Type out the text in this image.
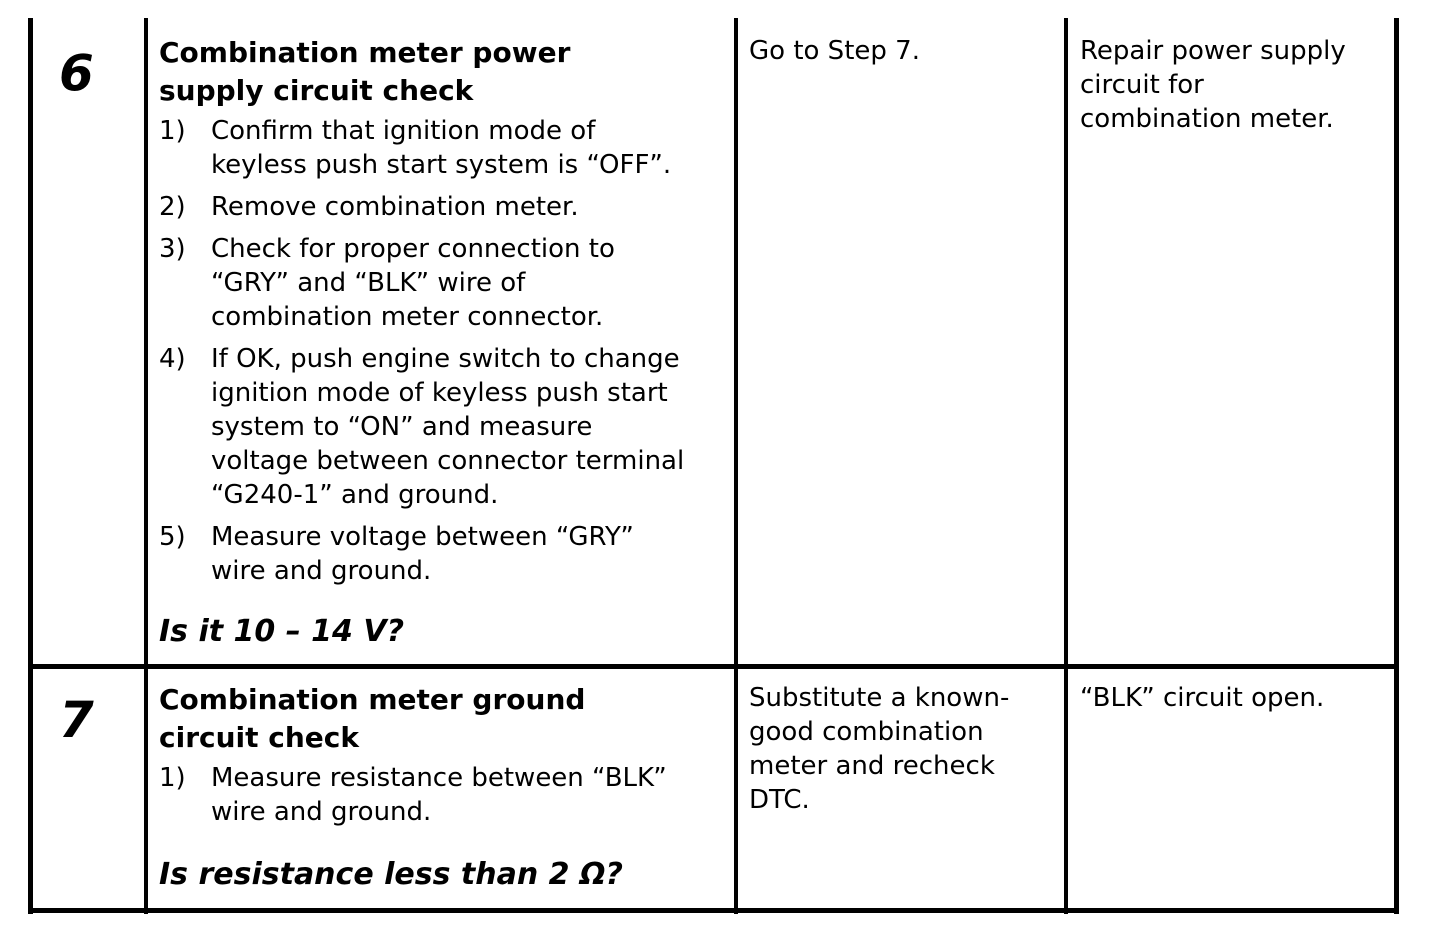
6 Combination meter power
supply circuit check
1) Confirm that ignition mode of
keyless push start system is “OFF”.
2) Remove combination meter.
3) Check for proper connection to
“GRY” and “BLK” wire of
combination meter connector.
4) If OK, push engine switch to change
ignition mode of keyless push start
system to “ON” and measure
voltage between connector terminal
“G240-1” and ground.
5) Measure voltage between “GRY”
wire and ground.
Is it 10 – 14 V?
Go to Step 7.	Repair power supply
circuit for
combination meter.
7 Combination meter ground
circuit check
1) Measure resistance between “BLK”
wire and ground.
Is resistance less than 2 Ω?
Substitute a known-
good combination
meter and recheck
DTC.
“BLK” circuit open.
